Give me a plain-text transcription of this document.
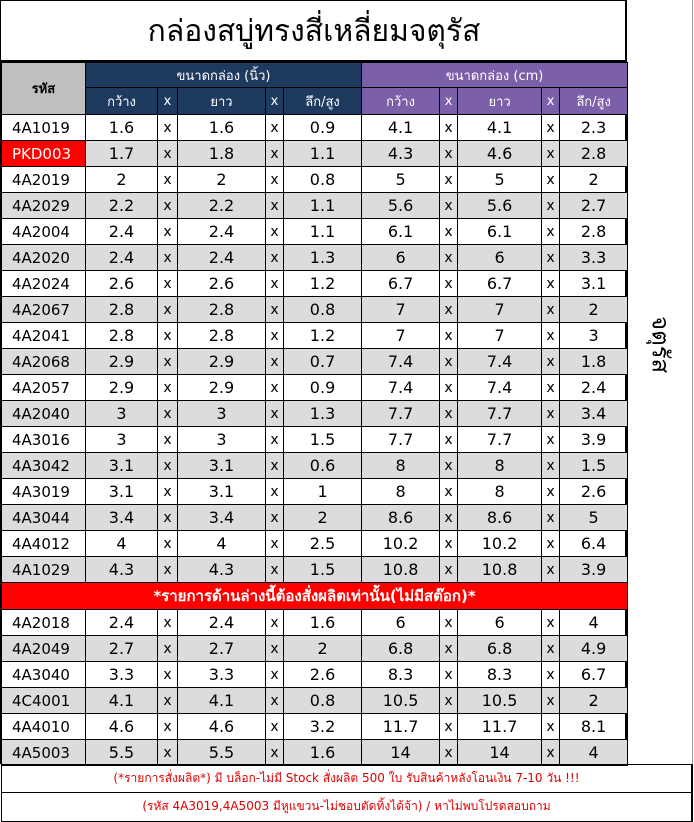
กล่องสบู่ทรงสี่เหลี่ยมจตุรัส
รหัส	ขนาดกล่อง (นิ้ว)					ขนาดกล่อง (cm)				
	กว้าง	x	ยาว	x	ลึก/สูง	กว้าง	x	ยาว	x	ลึก/สูง
4A1019	1.6	x	1.6	x	0.9	4.1	x	4.1	x	2.3
PKD003	1.7	x	1.8	x	1.1	4.3	x	4.6	x	2.8
4A2019	2	x	2	x	0.8	5	x	5	x	2
4A2029	2.2	x	2.2	x	1.1	5.6	x	5.6	x	2.7
4A2004	2.4	x	2.4	x	1.1	6.1	x	6.1	x	2.8
4A2020	2.4	x	2.4	x	1.3	6	x	6	x	3.3
4A2024	2.6	x	2.6	x	1.2	6.7	x	6.7	x	3.1
4A2067	2.8	x	2.8	x	0.8	7	x	7	x	2
4A2041	2.8	x	2.8	x	1.2	7	x	7	x	3
4A2068	2.9	x	2.9	x	0.7	7.4	x	7.4	x	1.8
4A2057	2.9	x	2.9	x	0.9	7.4	x	7.4	x	2.4
4A2040	3	x	3	x	1.3	7.7	x	7.7	x	3.4
4A3016	3	x	3	x	1.5	7.7	x	7.7	x	3.9
4A3042	3.1	x	3.1	x	0.6	8	x	8	x	1.5
4A3019	3.1	x	3.1	x	1	8	x	8	x	2.6
4A3044	3.4	x	3.4	x	2	8.6	x	8.6	x	5
4A4012	4	x	4	x	2.5	10.2	x	10.2	x	6.4
4A1029	4.3	x	4.3	x	1.5	10.8	x	10.8	x	3.9
*รายการด้านล่างนี้ต้องสั่งผลิตเท่านั้น(ไม่มีสต๊อก)*										
4A2018	2.4	x	2.4	x	1.6	6	x	6	x	4
4A2049	2.7	x	2.7	x	2	6.8	x	6.8	x	4.9
4A3040	3.3	x	3.3	x	2.6	8.3	x	8.3	x	6.7
4C4001	4.1	x	4.1	x	0.8	10.5	x	10.5	x	2
4A4010	4.6	x	4.6	x	3.2	11.7	x	11.7	x	8.1
4A5003	5.5	x	5.5	x	1.6	14	x	14	x	4
จตุรัส
(*รายการสั่งผลิต*) มี บล็อก-ไม่มี Stock สั่งผลิต 500 ใบ รับสินค้าหลังโอนเงิน 7-10 วัน !!!
(รหัส 4A3019,4A5003 มีหูแขวน-ไม่ชอบตัดทิ้งได้จ้า) / หาไม่พบโปรดสอบถาม
